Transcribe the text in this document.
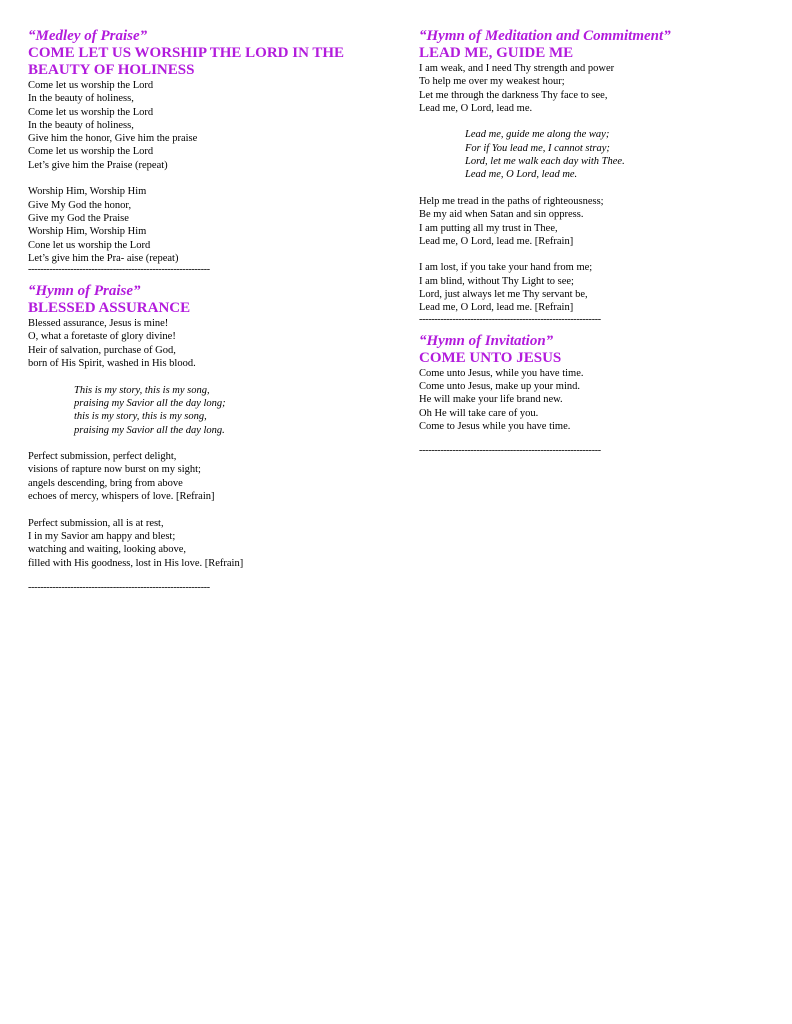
“Medley of Praise”
COME LET US WORSHIP THE LORD IN THE
BEAUTY OF HOLINESS
Come let us worship the Lord
In the beauty of holiness,
Come let us worship the Lord
In the beauty of holiness,
Give him the honor, Give him the praise
Come let us worship the Lord
Let’s give him the Praise (repeat)
Worship Him, Worship Him
Give My God the honor,
Give my God the Praise
Worship Him, Worship Him
Cone let us worship the Lord
Let’s give him the Pra- aise (repeat)
------------------------------------------------------------
“Hymn of Praise”
BLESSED ASSURANCE
Blessed assurance, Jesus is mine!
O, what a foretaste of glory divine!
Heir of salvation, purchase of God,
born of His Spirit, washed in His blood.
This is my story, this is my song,
praising my Savior all the day long;
this is my story, this is my song,
praising my Savior all the day long.
Perfect submission, perfect delight,
visions of rapture now burst on my sight;
angels descending, bring from above
echoes of mercy, whispers of love. [Refrain]
Perfect submission, all is at rest,
I in my Savior am happy and blest;
watching and waiting, looking above,
filled with His goodness, lost in His love. [Refrain]
------------------------------------------------------------
“Hymn of Meditation and Commitment”
LEAD ME, GUIDE ME
I am weak, and I need Thy strength and power
To help me over my weakest hour;
Let me through the darkness Thy face to see,
Lead me, O Lord, lead me.
Lead me, guide me along the way;
For if You lead me, I cannot stray;
Lord, let me walk each day with Thee.
Lead me, O Lord, lead me.
Help me tread in the paths of righteousness;
Be my aid when Satan and sin oppress.
I am putting all my trust in Thee,
Lead me, O Lord, lead me. [Refrain]
I am lost, if you take your hand from me;
I am blind, without Thy Light to see;
Lord, just always let me Thy servant be,
Lead me, O Lord, lead me. [Refrain]
------------------------------------------------------------
“Hymn of Invitation”
COME UNTO JESUS
Come unto Jesus, while you have time.
Come unto Jesus, make up your mind.
He will make your life brand new.
Oh He will take care of you.
Come to Jesus while you have time.
------------------------------------------------------------
